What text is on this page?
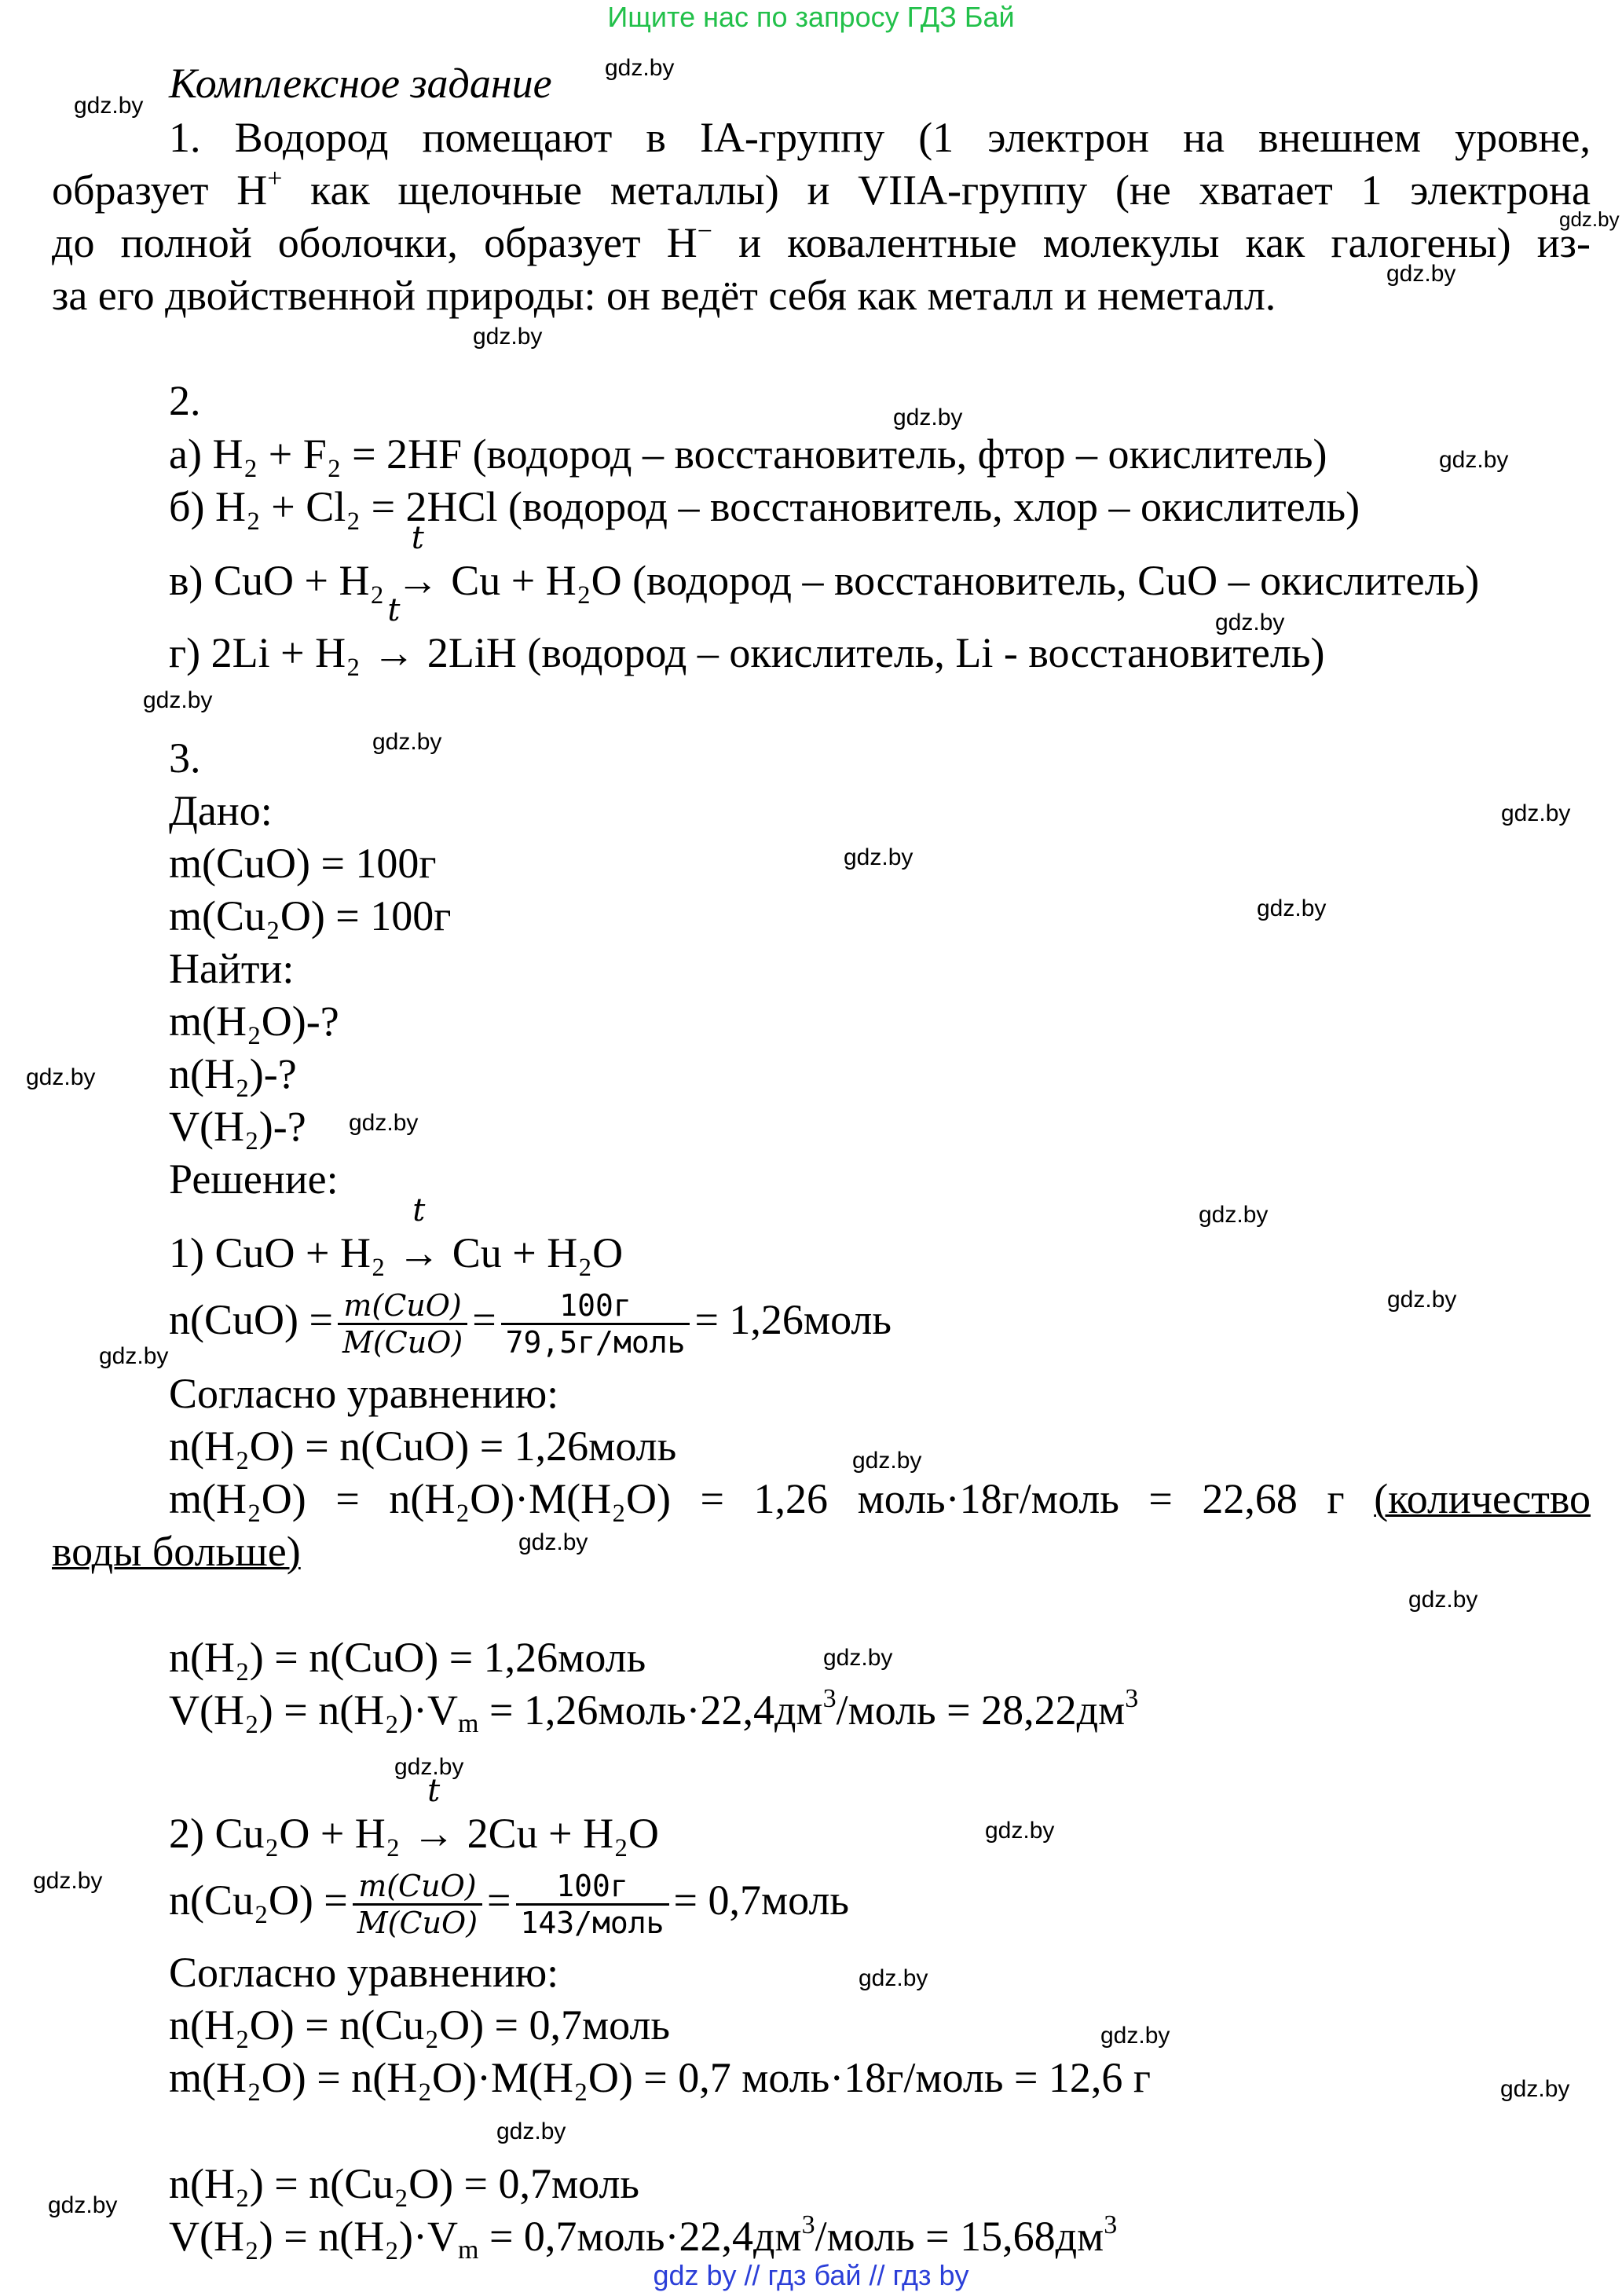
Ищите нас по запросу ГДЗ Бай
gdz by // гдз бай // гдз by
Комплексное задание
1. Водород помещают в IA-группу (1 электрон на внешнем уровне,
образует H+ как щелочные металлы) и VIIA-группу (не хватает 1 электрона
до полной оболочки, образует H− и ковалентные молекулы как галогены) из-
за его двойственной природы: он ведёт себя как металл и неметалл.
2.
а) H₂ + F₂ = 2HF (водород – восстановитель, фтор – окислитель)
б) H₂ + Cl₂ = 2HCl (водород – восстановитель, хлор – окислитель)
в) CuO + H₂
t
→ Cu + H₂O (водород – восстановитель, CuO – окислитель)
г) 2Li + H₂
t
→ 2LiH (водород – окислитель, Li - восстановитель)
3.
Дано:
m(CuO) = 100г
m(Cu₂O) = 100г
Найти:
m(H₂O)-?
n(H₂)-?
V(H₂)-?
Решение:
1) CuO + H₂
t
→ Cu + H₂O
$n(CuO) = \frac{\text{m(CuO)}}{\text{M(CuO)}} = \frac{100г}{\text{79,5г/моль}}$ = 1,26моль
Согласно уравнению:
n(H₂O) = n(CuO) = 1,26моль
m(H₂O) = n(H₂O)·M(H₂O) = 1,26 моль·18г/моль = 22,68 г (количество
воды больше)
n(H₂) = n(CuO) = 1,26моль
$V(H_2) = n(H_2)\cdot V_m$ = $1,26моль\cdot 22,4дм^3$/моль = $28,22дм^3$
2) Cu₂O + H₂
t
→ 2Cu + H₂O
$n(Cu_2O) = \frac{\text{m(CuO)}}{\text{M(CuO)}} = \frac{100г}{\text{143/моль}}$ = 0,7моль
Согласно уравнению:
n(H₂O) = n(Cu₂O) = 0,7моль
m(H₂O) = n(H₂O)·M(H₂O) = 0,7 моль·18г/моль = 12,6 г
n(H₂) = n(Cu₂O) = 0,7моль
$V(H_2) = n(H_2)\cdot V_m$ = $0,7моль\cdot 22,4дм^3$/моль = $15,68дм^3$
gdz.by
gdz.by
gdz.by
gdz.by
gdz.by
gdz.by
gdz.by
gdz.by
gdz.by
gdz.by
gdz.by
gdz.by
gdz.by
gdz.by
gdz.by
gdz.by
gdz.by
gdz.by
gdz.by
gdz.by
gdz.by
gdz.by
gdz.by
gdz.by
gdz.by
gdz.by
gdz.by
gdz.by
gdz.by
gdz.by
